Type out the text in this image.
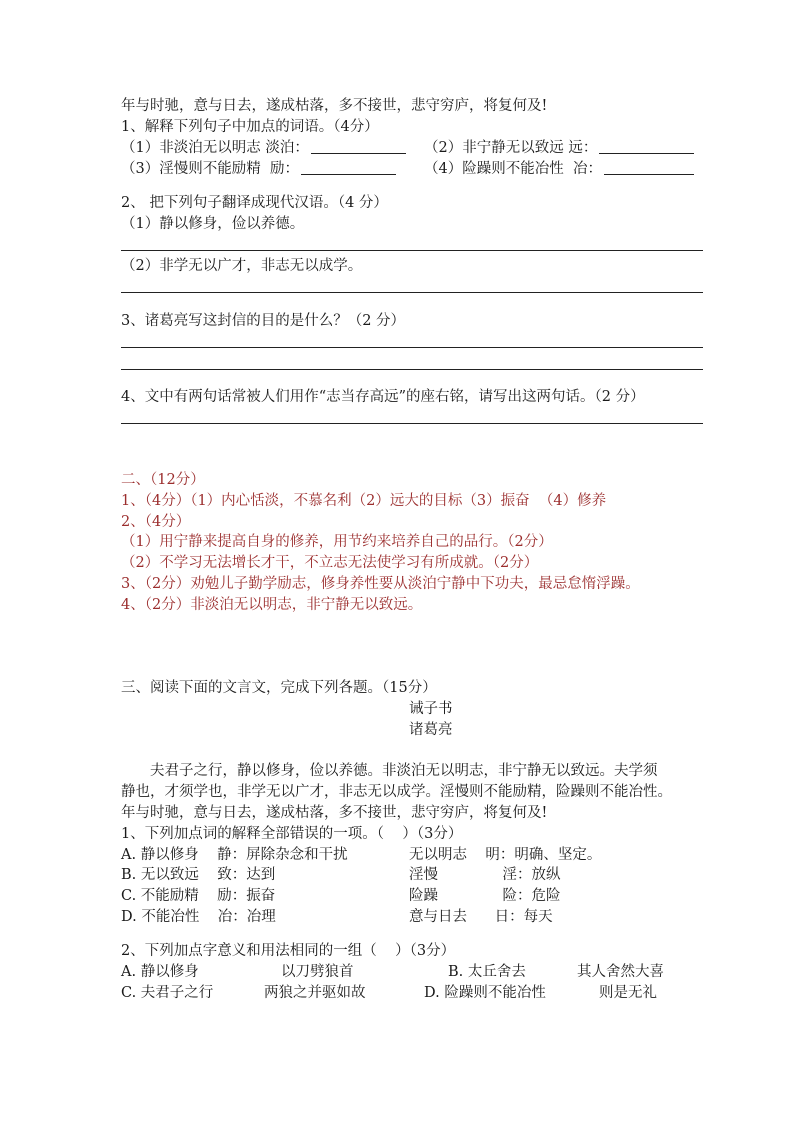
年与时驰，意与日去，遂成枯落，多不接世，悲守穷庐，将复何及!
1、解释下列句子中加点的词语。（4分）
（1）非淡泊无以明志 淡泊：	（2）非宁静无以致远 远：
（3）淫慢则不能励精  励：	（4）险躁则不能冶性  冶：
2、 把下列句子翻译成现代汉语。（4 分）
（1）静以修身，俭以养德。
（2）非学无以广才，非志无以成学。
3、诸葛亮写这封信的目的是什么？（2 分）
4、文中有两句话常被人们用作“志当存高远”的座右铭，请写出这两句话。（2 分）
二、（12分）
1、（4分）（1）内心恬淡，不慕名利（2）远大的目标（3）振奋  （4）修养
2、（4分）
（1）用宁静来提高自身的修养，用节约来培养自己的品行。（2分）
（2）不学习无法增长才干，不立志无法使学习有所成就。（2分）
3、（2分）劝勉儿子勤学励志，修身养性要从淡泊宁静中下功夫，最忌怠惰浮躁。
4、（2分）非淡泊无以明志，非宁静无以致远。
三、阅读下面的文言文，完成下列各题。（15分）
诫子书
诸葛亮
夫君子之行，静以修身，俭以养德。非淡泊无以明志，非宁静无以致远。夫学须
静也，才须学也，非学无以广才，非志无以成学。淫慢则不能励精，险躁则不能冶性。
年与时驰，意与日去，遂成枯落，多不接世，悲守穷庐，将复何及!
1、下列加点词的解释全部错误的一项。（    ）（3分）
A. 静以修身    静：屏除杂念和干扰	无以明志    明：明确、坚定。
B. 无以致远    致：达到	淫慢              淫：放纵
C. 不能励精    励：振奋	险躁              险：危险
D. 不能冶性    冶：冶理	意与日去      日：每天
2、下列加点字意义和用法相同的一组（    ）（3分）
A. 静以修身	以刀劈狼首	B. 太丘舍去	其人舍然大喜
C. 夫君子之行	两狼之并驱如故	D. 险躁则不能冶性	则是无礼
